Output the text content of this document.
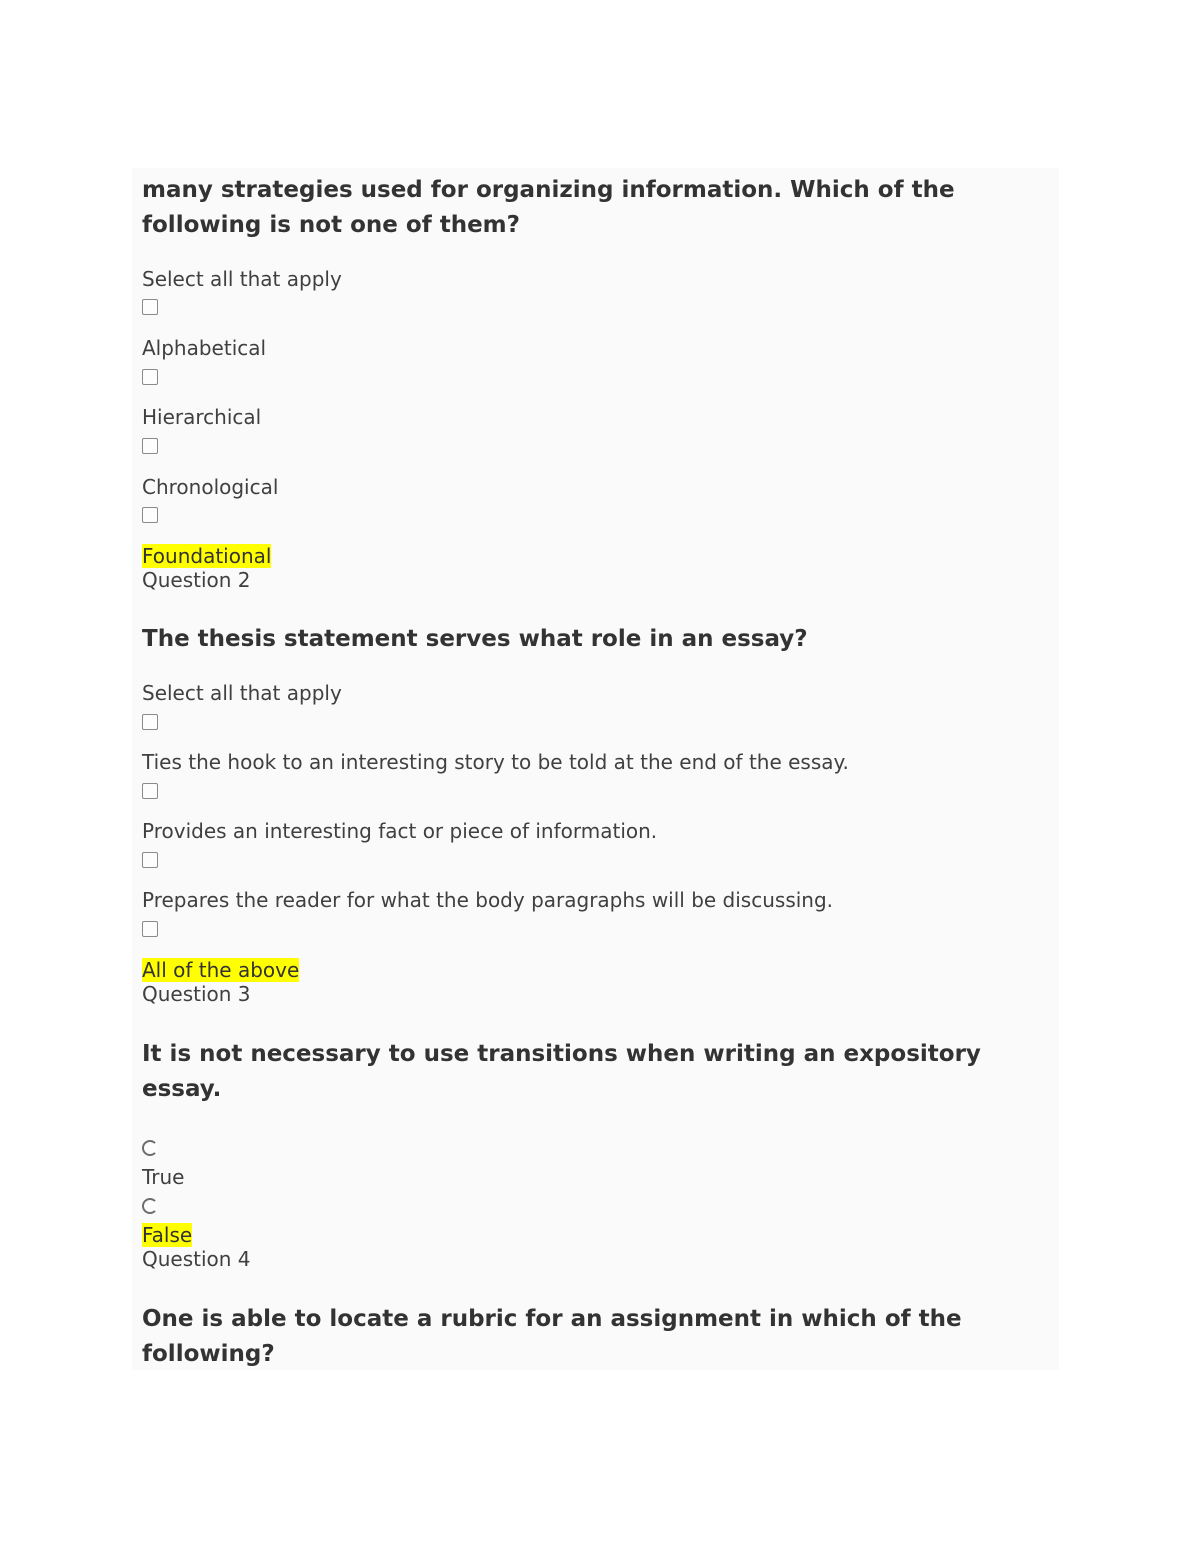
many strategies used for organizing information. Which of the
following is not one of them?
Select all that apply
Alphabetical
Hierarchical
Chronological
Foundational
Question 2
The thesis statement serves what role in an essay?
Select all that apply
Ties the hook to an interesting story to be told at the end of the essay.
Provides an interesting fact or piece of information.
Prepares the reader for what the body paragraphs will be discussing.
All of the above
Question 3
It is not necessary to use transitions when writing an expository
essay.
True
False
Question 4
One is able to locate a rubric for an assignment in which of the
following?
